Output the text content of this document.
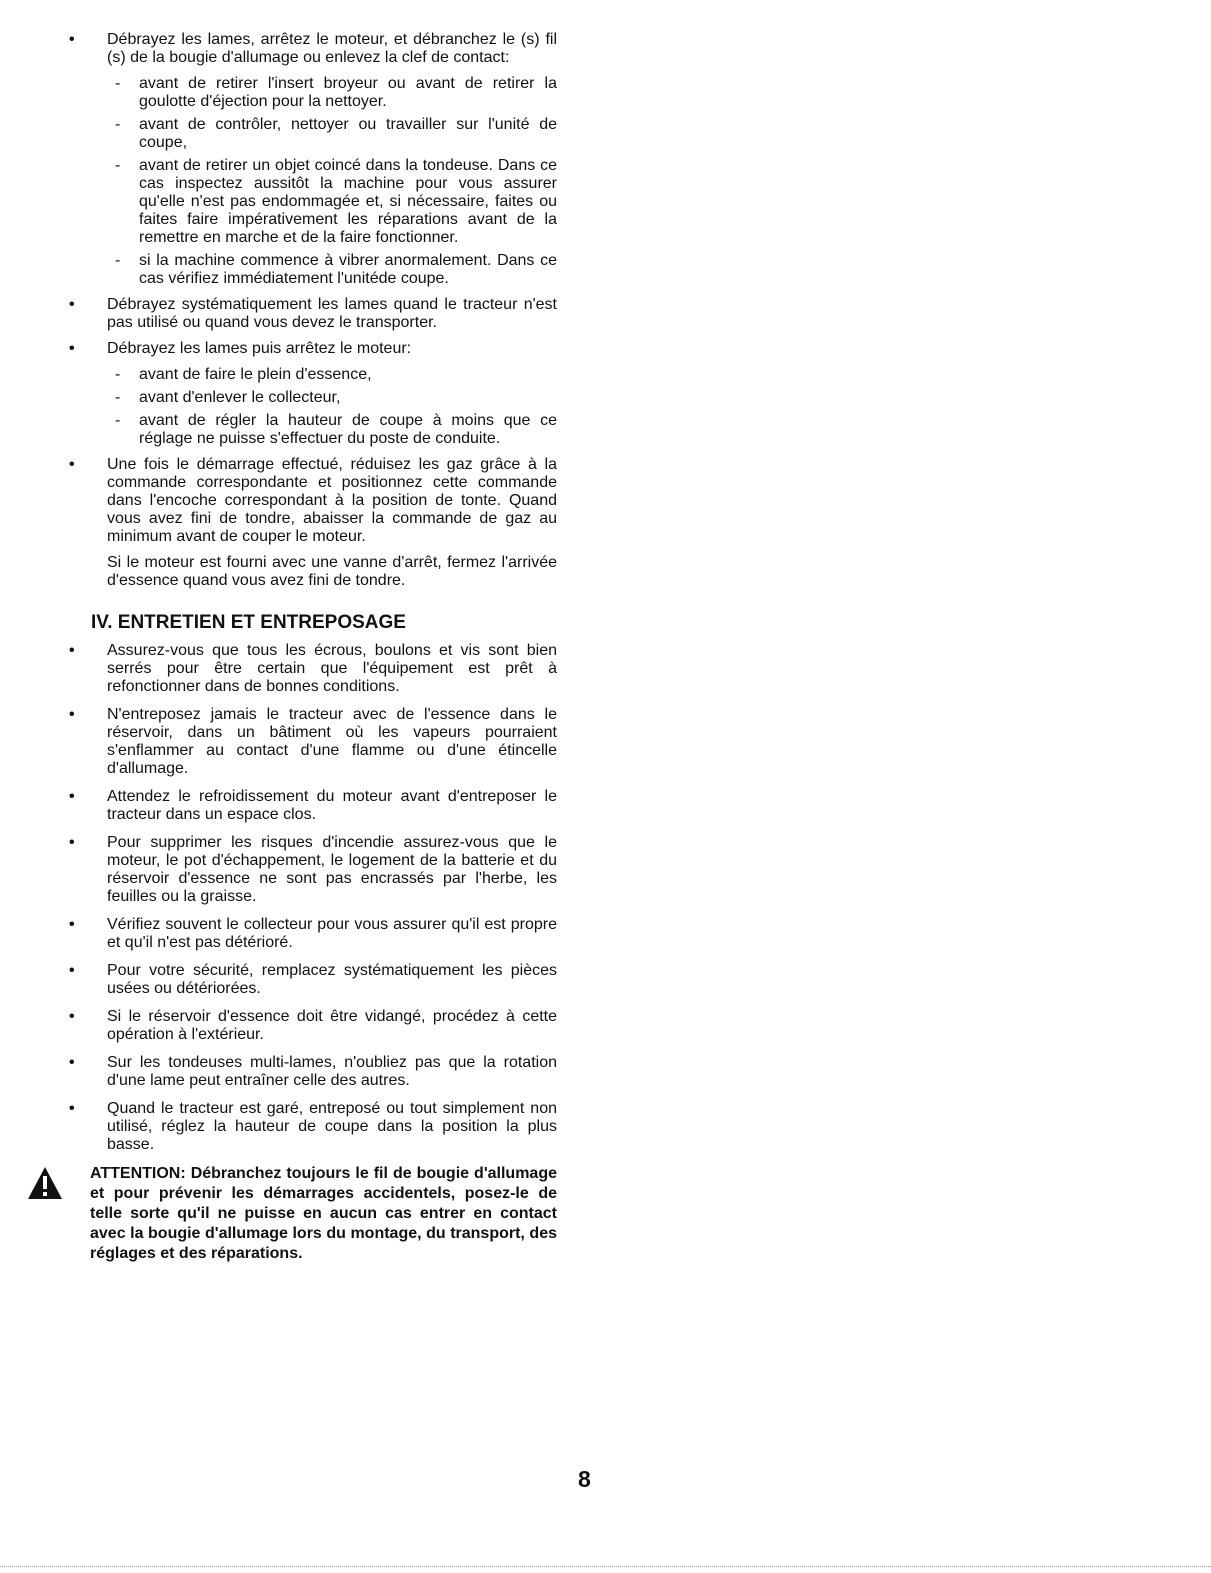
•	Débrayez les lames, arrêtez le moteur, et débranchez le (s) fil (s) de la bougie d'allumage ou enlevez la clef de contact:
- avant de retirer l'insert broyeur ou avant de retirer la goulotte d'éjection pour la nettoyer.
- avant de contrôler, nettoyer ou travailler sur l'unité de coupe,
- avant de retirer un objet coincé dans la tondeuse. Dans ce cas inspectez aussitôt la machine pour vous assurer qu'elle n'est pas endommagée et, si nécessaire, faites ou faites faire impérativement les réparations avant de la remettre en marche et de la faire fonctionner.
- si la machine commence à vibrer anormalement. Dans ce cas vérifiez immédiatement l'unitéde coupe.
•	Débrayez systématiquement les lames quand le tracteur n'est pas utilisé ou quand vous devez le transporter.
•	Débrayez les lames puis arrêtez le moteur:
- avant de faire le plein d'essence,
- avant d'enlever le collecteur,
- avant de régler la hauteur de coupe à moins que ce réglage ne puisse s'effectuer du poste de conduite.
•	Une fois le démarrage effectué, réduisez les gaz grâce à la commande correspondante et positionnez cette commande dans l'encoche correspondant à la position de tonte. Quand vous avez fini de tondre, abaisser la commande de gaz au minimum avant de couper le moteur.
Si le moteur est fourni avec une vanne d'arrêt, fermez l'arrivée d'essence quand vous avez fini de tondre.
IV. ENTRETIEN ET ENTREPOSAGE
•	Assurez-vous que tous les écrous, boulons et vis sont bien serrés pour être certain que l'équipement est prêt à refonctionner dans de bonnes conditions.
•	N'entreposez jamais le tracteur avec de l'essence dans le réservoir, dans un bâtiment où les vapeurs pourraient s'enflammer au contact d'une flamme ou d'une étincelle d'allumage.
•	Attendez le refroidissement du moteur avant d'entreposer le tracteur dans un espace clos.
•	Pour supprimer les risques d'incendie assurez-vous que le moteur, le pot d'échappement, le logement de la batterie et du réservoir d'essence ne sont pas encrassés par l'herbe, les feuilles ou la graisse.
•	Vérifiez souvent le collecteur pour vous assurer qu'il est propre et qu'il n'est pas détérioré.
•	Pour votre sécurité, remplacez systématiquement les pièces usées ou détériorées.
•	Si le réservoir d'essence doit être vidangé, procédez à cette opération à l'extérieur.
•	Sur les tondeuses multi-lames, n'oubliez pas que la rotation d'une lame peut entraîner celle des autres.
•	Quand le tracteur est garé, entreposé ou tout simplement non utilisé, réglez la hauteur de coupe dans la position la plus basse.
ATTENTION: Débranchez toujours le fil de bougie d'allumage et pour prévenir les démarrages accidentels, posez-le de telle sorte qu'il ne puisse en aucun cas entrer en contact avec la bougie d'allumage lors du montage, du transport, des réglages et des réparations.
8
